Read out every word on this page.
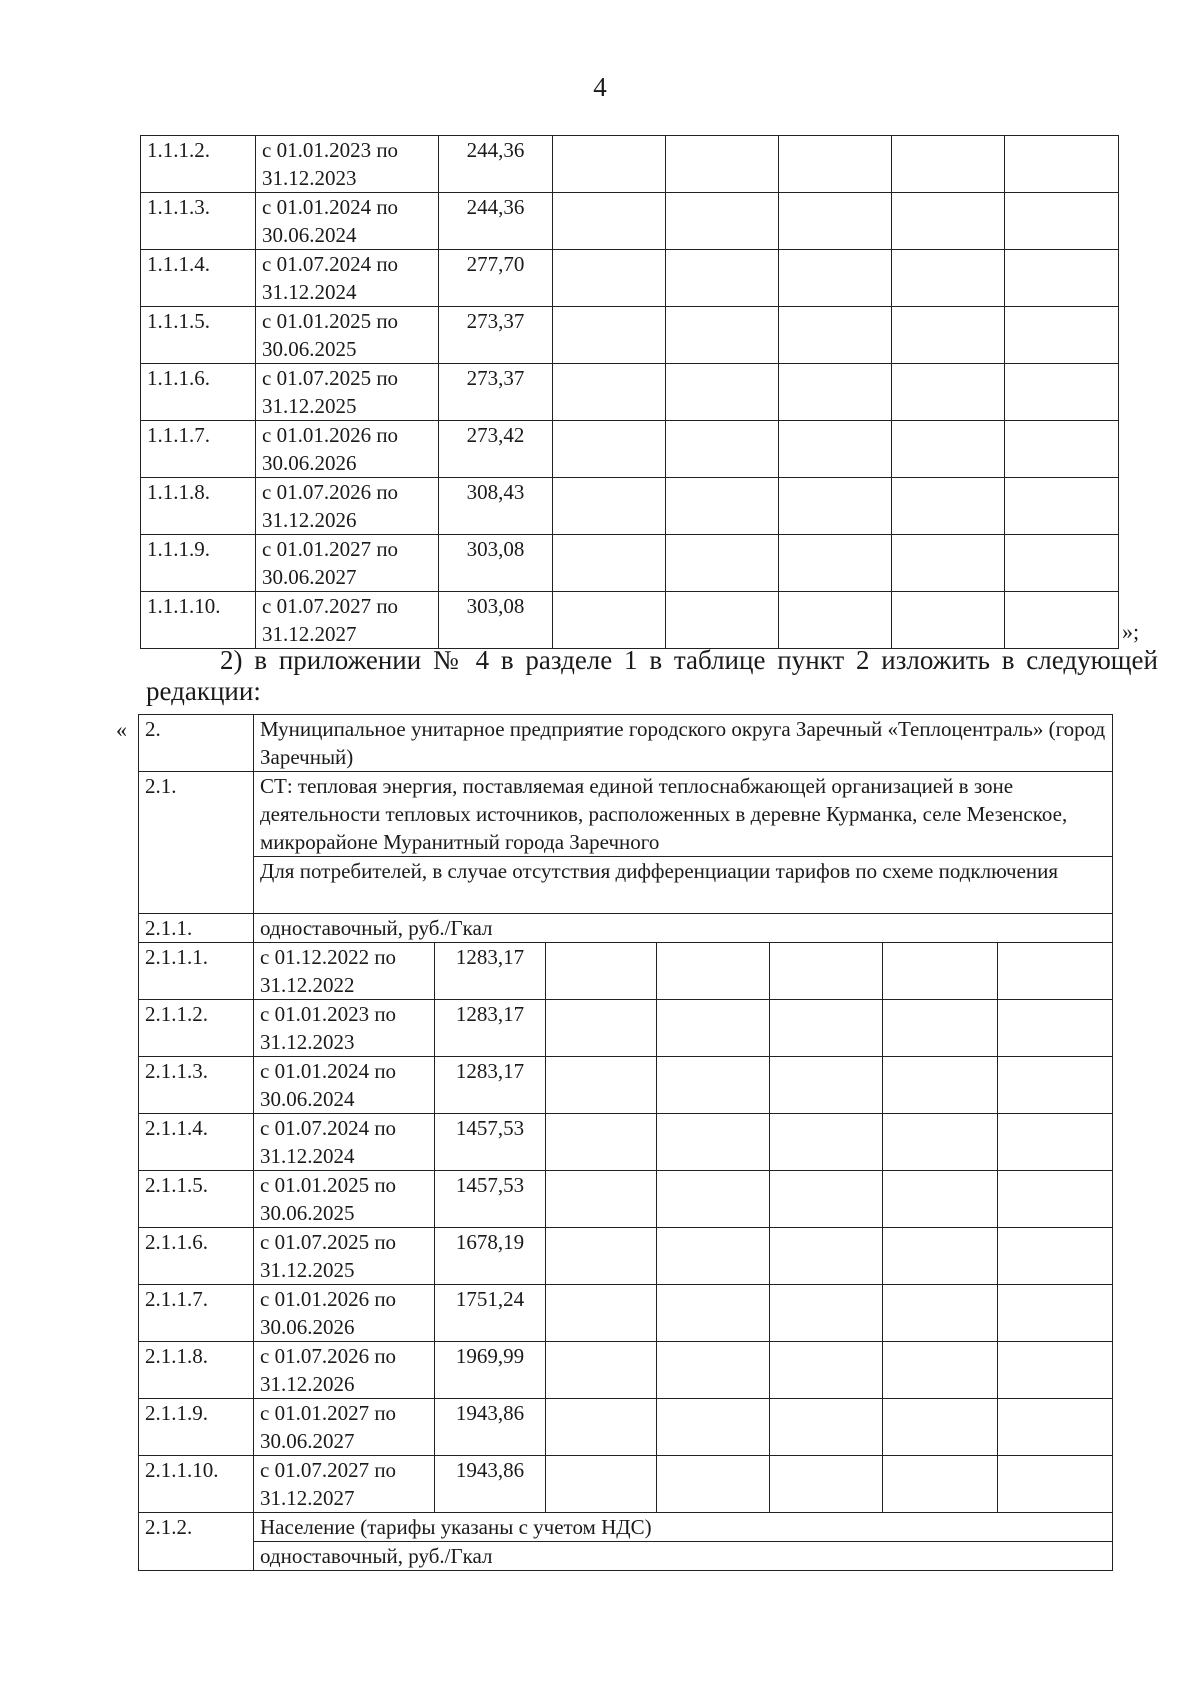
4
1.1.1.2.	с 01.01.2023 по 31.12.2023	244,36					
1.1.1.3.	с 01.01.2024 по 30.06.2024	244,36					
1.1.1.4.	с 01.07.2024 по 31.12.2024	277,70					
1.1.1.5.	с 01.01.2025 по 30.06.2025	273,37					
1.1.1.6.	с 01.07.2025 по 31.12.2025	273,37					
1.1.1.7.	с 01.01.2026 по 30.06.2026	273,42					
1.1.1.8.	с 01.07.2026 по 31.12.2026	308,43					
1.1.1.9.	с 01.01.2027 по 30.06.2027	303,08					
1.1.1.10.	с 01.07.2027 по 31.12.2027	303,08					
»;
2) в приложении № 4 в разделе 1 в таблице пункт 2 изложить в следующей
редакции:
« 2.	Муниципальное унитарное предприятие городского округа Заречный «Теплоцентраль» (город Заречный)						
2.1.	СТ: тепловая энергия, поставляемая единой теплоснабжающей организацией в зоне деятельности тепловых источников, расположенных в деревне Курманка, селе Мезенское, микрорайоне Муранитный города Заречного						
	Для потребителей, в случае отсутствия дифференциации тарифов по схеме подключения						
2.1.1.	одноставочный, руб./Гкал						
2.1.1.1.	с 01.12.2022 по 31.12.2022	1283,17					
2.1.1.2.	с 01.01.2023 по 31.12.2023	1283,17					
2.1.1.3.	с 01.01.2024 по 30.06.2024	1283,17					
2.1.1.4.	с 01.07.2024 по 31.12.2024	1457,53					
2.1.1.5.	с 01.01.2025 по 30.06.2025	1457,53					
2.1.1.6.	с 01.07.2025 по 31.12.2025	1678,19					
2.1.1.7.	с 01.01.2026 по 30.06.2026	1751,24					
2.1.1.8.	с 01.07.2026 по 31.12.2026	1969,99					
2.1.1.9.	с 01.01.2027 по 30.06.2027	1943,86					
2.1.1.10.	с 01.07.2027 по 31.12.2027	1943,86					
2.1.2.	Население (тарифы указаны с учетом НДС)						
	одноставочный, руб./Гкал						
